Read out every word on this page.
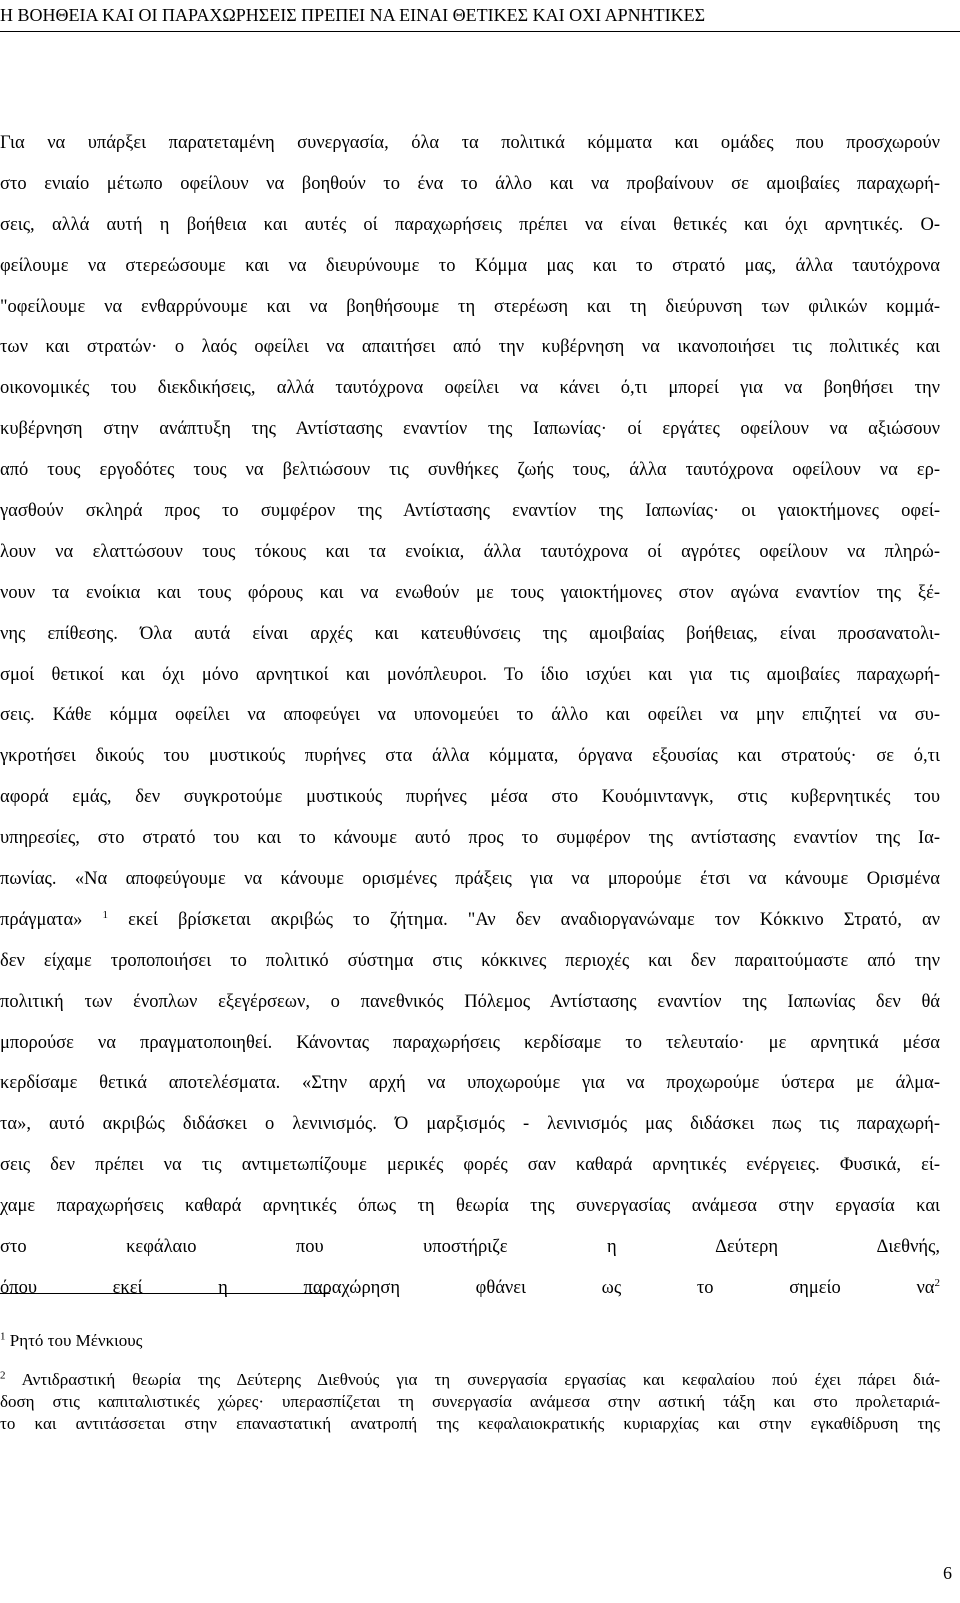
Η ΒΟΗΘΕΙΑ ΚΑΙ ΟΙ ΠΑΡΑΧΩΡΗΣΕΙΣ ΠΡΕΠΕΙ ΝΑ ΕΙΝΑΙ ΘΕΤΙΚΕΣ ΚΑΙ ΟΧΙ ΑΡΝΗΤΙΚΕΣ
Για να υπάρξει παρατεταμένη συνεργασία, όλα τα πολιτικά κόμματα και ομάδες που προσχωρούν
στο ενιαίο μέτωπο οφείλουν να βοηθούν το ένα το άλλο και να προβαίνουν σε αμοιβαίες παραχωρή-
σεις, αλλά αυτή η βοήθεια και αυτές οί παραχωρήσεις πρέπει να είναι θετικές και όχι αρνητικές. Ο-
φείλουμε να στερεώσουμε και να διευρύνουμε το Κόμμα μας και το στρατό μας, άλλα ταυτόχρονα
"οφείλουμε να ενθαρρύνουμε και να βοηθήσουμε τη στερέωση και τη διεύρυνση των φιλικών κομμά-
των και στρατών· ο λαός οφείλει να απαιτήσει από την κυβέρνηση να ικανοποιήσει τις πολιτικές και
οικονομικές του διεκδικήσεις, αλλά ταυτόχρονα οφείλει να κάνει ό,τι μπορεί για να βοηθήσει την
κυβέρνηση στην ανάπτυξη της Αντίστασης εναντίον της Ιαπωνίας· οί εργάτες οφείλουν να αξιώσουν
από τους εργοδότες τους να βελτιώσουν τις συνθήκες ζωής τους, άλλα ταυτόχρονα οφείλουν να ερ-
γασθούν σκληρά προς το συμφέρον της Αντίστασης εναντίον της Ιαπωνίας· οι γαιοκτήμονες οφεί-
λουν να ελαττώσουν τους τόκους και τα ενοίκια, άλλα ταυτόχρονα οί αγρότες οφείλουν να πληρώ-
νουν τα ενοίκια και τους φόρους και να ενωθούν με τους γαιοκτήμονες στον αγώνα εναντίον της ξέ-
νης επίθεσης. Όλα αυτά είναι αρχές και κατευθύνσεις της αμοιβαίας βοήθειας, είναι προσανατολι-
σμοί θετικοί και όχι μόνο αρνητικοί και μονόπλευροι. Το ίδιο ισχύει και για τις αμοιβαίες παραχωρή-
σεις. Κάθε κόμμα οφείλει να αποφεύγει να υπονομεύει το άλλο και οφείλει να μην επιζητεί να συ-
γκροτήσει δικούς του μυστικούς πυρήνες στα άλλα κόμματα, όργανα εξουσίας και στρατούς· σε ό,τι
αφορά εμάς, δεν συγκροτούμε μυστικούς πυρήνες μέσα στο Κουόμιντανγκ, στις κυβερνητικές του
υπηρεσίες, στο στρατό του και το κάνουμε αυτό προς το συμφέρον της αντίστασης εναντίον της Ια-
πωνίας. «Να αποφεύγουμε να κάνουμε ορισμένες πράξεις για να μπορούμε έτσι να κάνουμε Ορισμένα
πράγματα» $^1$ εκεί βρίσκεται ακριβώς το ζήτημα. "Αν δεν αναδιοργανώναμε τον Κόκκινο Στρατό, αν
δεν είχαμε τροποποιήσει το πολιτικό σύστημα στις κόκκινες περιοχές και δεν παραιτούμαστε από την
πολιτική των ένοπλων εξεγέρσεων, ο πανεθνικός Πόλεμος Αντίστασης εναντίον της Ιαπωνίας δεν θά
μπορούσε να πραγματοποιηθεί. Κάνοντας παραχωρήσεις κερδίσαμε το τελευταίο· με αρνητικά μέσα
κερδίσαμε θετικά αποτελέσματα. «Στην αρχή να υποχωρούμε για να προχωρούμε ύστερα με άλμα-
τα», αυτό ακριβώς διδάσκει ο λενινισμός. Ό μαρξισμός - λενινισμός μας διδάσκει πως τις παραχωρή-
σεις δεν πρέπει να τις αντιμετωπίζουμε μερικές φορές σαν καθαρά αρνητικές ενέργειες. Φυσικά, εί-
χαμε παραχωρήσεις καθαρά αρνητικές όπως τη θεωρία της συνεργασίας ανάμεσα στην εργασία και
στο κεφάλαιο που υποστήριζε η Δεύτερη Διεθνής,
όπου εκεί η παραχώρηση φθάνει ως το σημείο $\nu\alpha^2$
$^1$ Ρητό του Μένκιους
$^2$ Αντιδραστική θεωρία της Δεύτερης Διεθνούς για τη συνεργασία εργασίας και κεφαλαίου πού έχει πάρει διά-
δοση στις καπιταλιστικές χώρες· υπερασπίζεται τη συνεργασία ανάμεσα στην αστική τάξη και στο προλεταριά-
το και αντιτάσσεται στην επαναστατική ανατροπή της κεφαλαιοκρατικής κυριαρχίας και στην εγκαθίδρυση της
6
